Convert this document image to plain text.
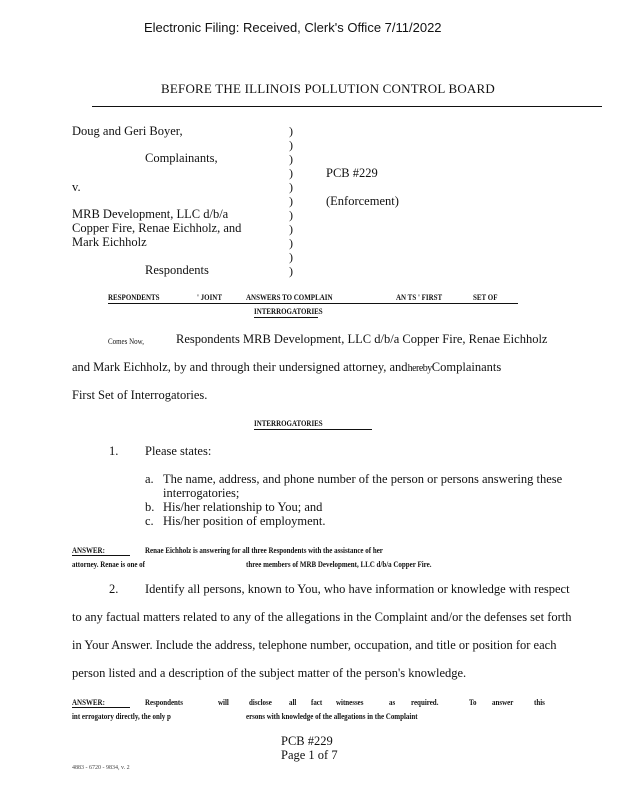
Electronic Filing: Received, Clerk's Office 7/11/2022
BEFORE THE ILLINOIS POLLUTION CONTROL BOARD
Doug and Geri Boyer,
Complainants,
v.
MRB Development, LLC d/b/a
Copper Fire, Renae Eichholz, and
Mark Eichholz
Respondents
)
)
)
)
)
)
)
)
)
)
)
PCB #229
(Enforcement)
RESPONDENTS	' JOINT	ANSWERS TO COMPLAIN	AN TS ' FIRST	SET OF
INTERROGATORIES
Comes Now,	Respondents MRB Development, LLC d/b/a Copper Fire, Renae Eichholz
and Mark Eichholz, by and through their undersigned attorney, andherebyComplainants
First Set of Interrogatories.
INTERROGATORIES
1. Please states:
a. The name, address, and phone number of the person or persons answering these
interrogatories;
b. His/her relationship to You; and
c. His/her position of employment.
ANSWER:	Renae Eichholz is answering for all three Respondents with the assistance of her
attorney. Renae is one of	three members of MRB Development, LLC d/b/a Copper Fire.
2. Identify all persons, known to You, who have information or knowledge with respect
to any factual matters related to any of the allegations in the Complaint and/or the defenses set forth
in Your Answer. Include the address, telephone number, occupation, and title or position for each
person listed and a description of the subject matter of the person's knowledge.
ANSWER:	Respondents	will disclose all fact witnesses	as required.	To answer this
int errogatory directly, the only p	ersons with knowledge of the allegations in the Complaint
PCB #229
Page 1 of 7
4883 - 6720 - 9834, v. 2
